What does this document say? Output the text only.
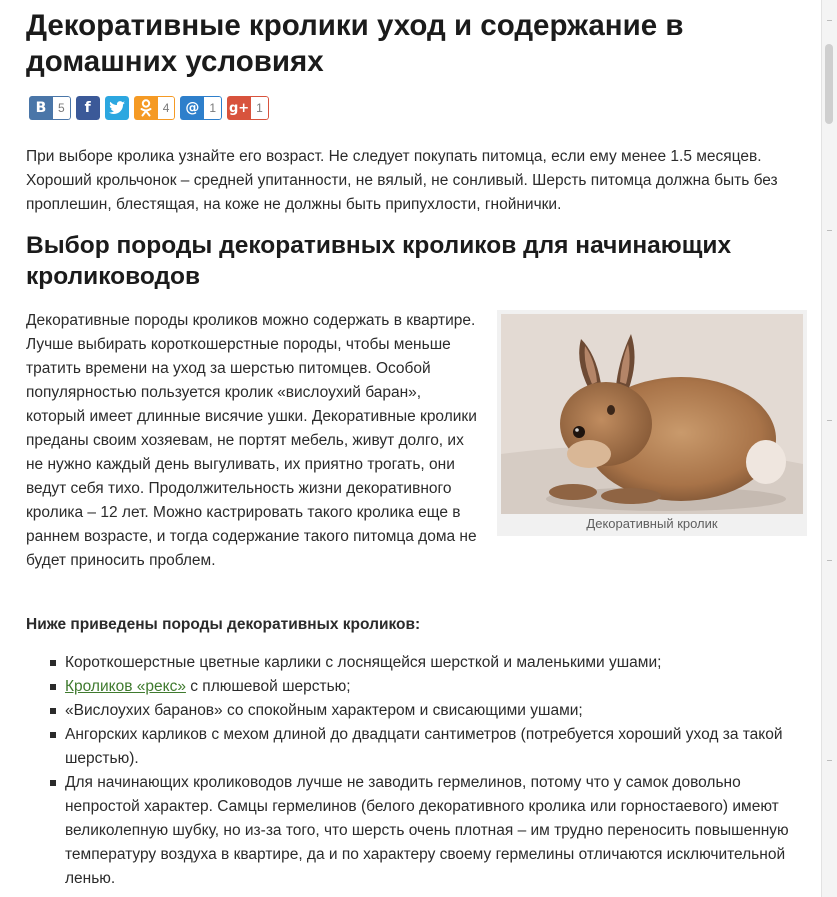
Декоративные кролики уход и содержание в домашних условиях
В 5	f	4	@ 1 g+ 1

При выборе кролика узнайте его возраст. Не следует покупать питомца, если ему менее 1.5 месяцев. Хороший крольчонок – средней упитанности, не вялый, не сонливый. Шерсть питомца должна быть без проплешин, блестящая, на коже не должны быть припухлости, гнойнички.

Выбор породы декоративных кроликов для начинающих кролиководов

Декоративные породы кроликов можно содержать в квартире. Лучше выбирать короткошерстные породы, чтобы меньше тратить времени на уход за шерстью питомцев. Особой популярностью пользуется кролик «вислоухий баран», который имеет длинные висячие ушки. Декоративные кролики преданы своим хозяевам, не портят мебель, живут долго, их не нужно каждый день выгуливать, их приятно трогать, они ведут себя тихо. Продолжительность жизни декоративного кролика – 12 лет. Можно кастрировать такого кролика еще в раннем возрасте, и тогда содержание такого питомца дома не будет приносить проблем.

Декоративный кролик

Ниже приведены породы декоративных кроликов:

Короткошерстные цветные карлики с лоснящейся шерсткой и маленькими ушами;
Кроликов «рекс» с плюшевой шерстью;
«Вислоухих баранов» со спокойным характером и свисающими ушами;
Ангорских карликов с мехом длиной до двадцати сантиметров (потребуется хороший уход за такой шерстью).
Для начинающих кролиководов лучше не заводить гермелинов, потому что у самок довольно непростой характер. Самцы гермелинов (белого декоративного кролика или горностаевого) имеют великолепную шубку, но из-за того, что шерсть очень плотная – им трудно переносить повышенную температуру воздуха в квартире, да и по характеру своему гермелины отличаются исключительной ленью.
